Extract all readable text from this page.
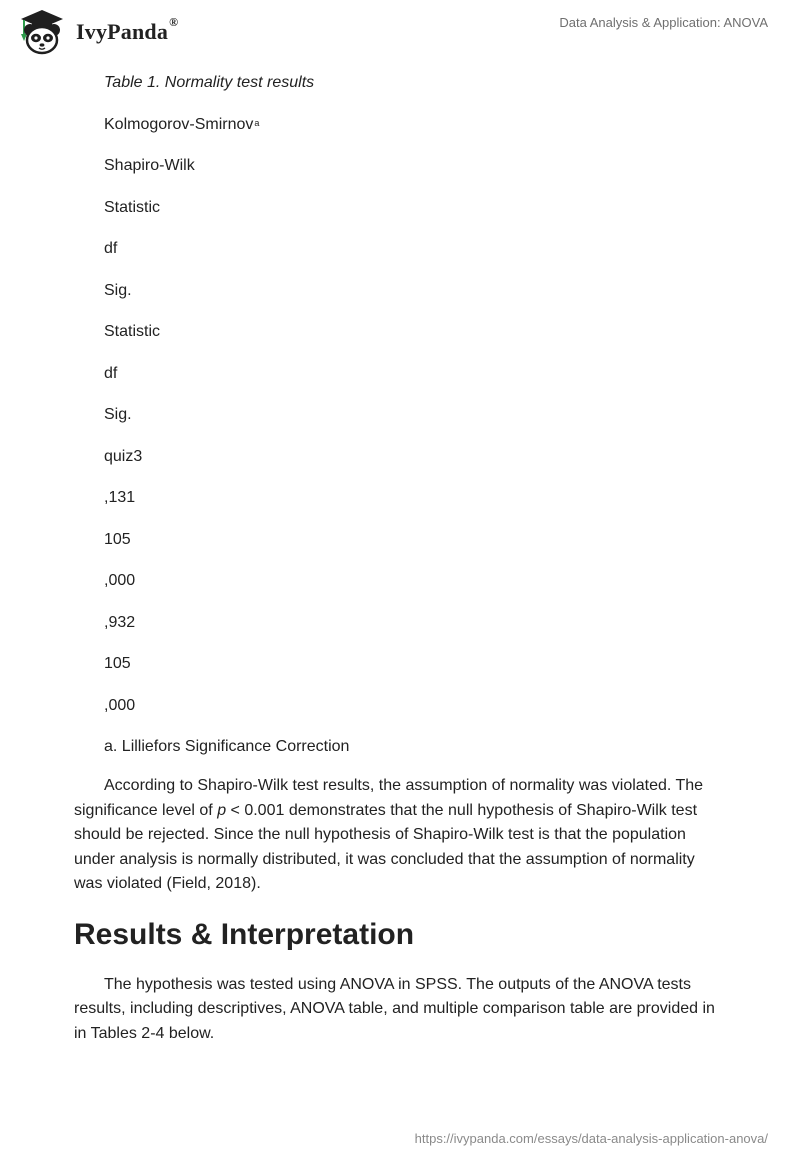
IvyPanda®	Data Analysis & Application: ANOVA

Table 1. Normality test results

Kolmogorov-Smirnov$^a$
Shapiro-Wilk
Statistic
df
Sig.
Statistic
df
Sig.
quiz3
,131
105
,000
,932
105
,000
a. Lilliefors Significance Correction

According to Shapiro-Wilk test results, the assumption of normality was violated. The significance level of p < 0.001 demonstrates that the null hypothesis of Shapiro-Wilk test should be rejected. Since the null hypothesis of Shapiro-Wilk test is that the population under analysis is normally distributed, it was concluded that the assumption of normality was violated (Field, 2018).

Results & Interpretation

The hypothesis was tested using ANOVA in SPSS. The outputs of the ANOVA tests results, including descriptives, ANOVA table, and multiple comparison table are provided in in Tables 2-4 below.

https://ivypanda.com/essays/data-analysis-application-anova/
